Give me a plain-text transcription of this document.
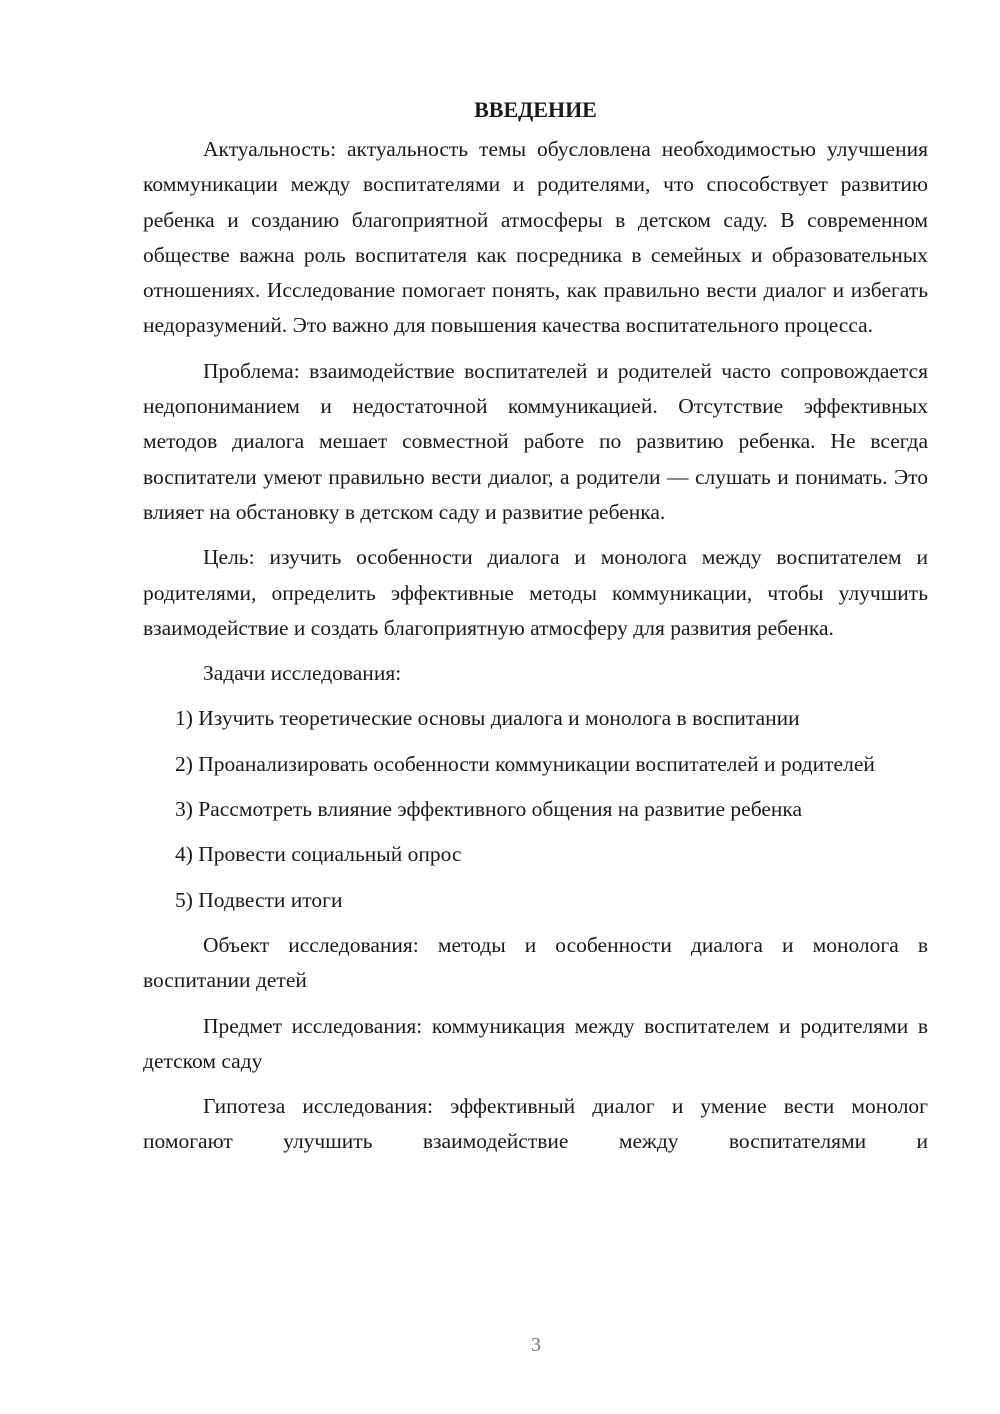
ВВЕДЕНИЕ

Актуальность: актуальность темы обусловлена необходимостью улучшения коммуникации между воспитателями и родителями, что способствует развитию ребенка и созданию благоприятной атмосферы в детском саду. В современном обществе важна роль воспитателя как посредника в семейных и образовательных отношениях. Исследование помогает понять, как правильно вести диалог и избегать недоразумений. Это важно для повышения качества воспитательного процесса.

Проблема: взаимодействие воспитателей и родителей часто сопровождается недопониманием и недостаточной коммуникацией. Отсутствие эффективных методов диалога мешает совместной работе по развитию ребенка. Не всегда воспитатели умеют правильно вести диалог, а родители — слушать и понимать. Это влияет на обстановку в детском саду и развитие ребенка.

Цель: изучить особенности диалога и монолога между воспитателем и родителями, определить эффективные методы коммуникации, чтобы улучшить взаимодействие и создать благоприятную атмосферу для развития ребенка.

Задачи исследования:

1) Изучить теоретические основы диалога и монолога в воспитании

2) Проанализировать особенности коммуникации воспитателей и родителей

3) Рассмотреть влияние эффективного общения на развитие ребенка

4) Провести социальный опрос

5) Подвести итоги

Объект исследования: методы и особенности диалога и монолога в воспитании детей

Предмет исследования: коммуникация между воспитателем и родителями в детском саду

Гипотеза исследования: эффективный диалог и умение вести монолог помогают улучшить взаимодействие между воспитателями и

3
